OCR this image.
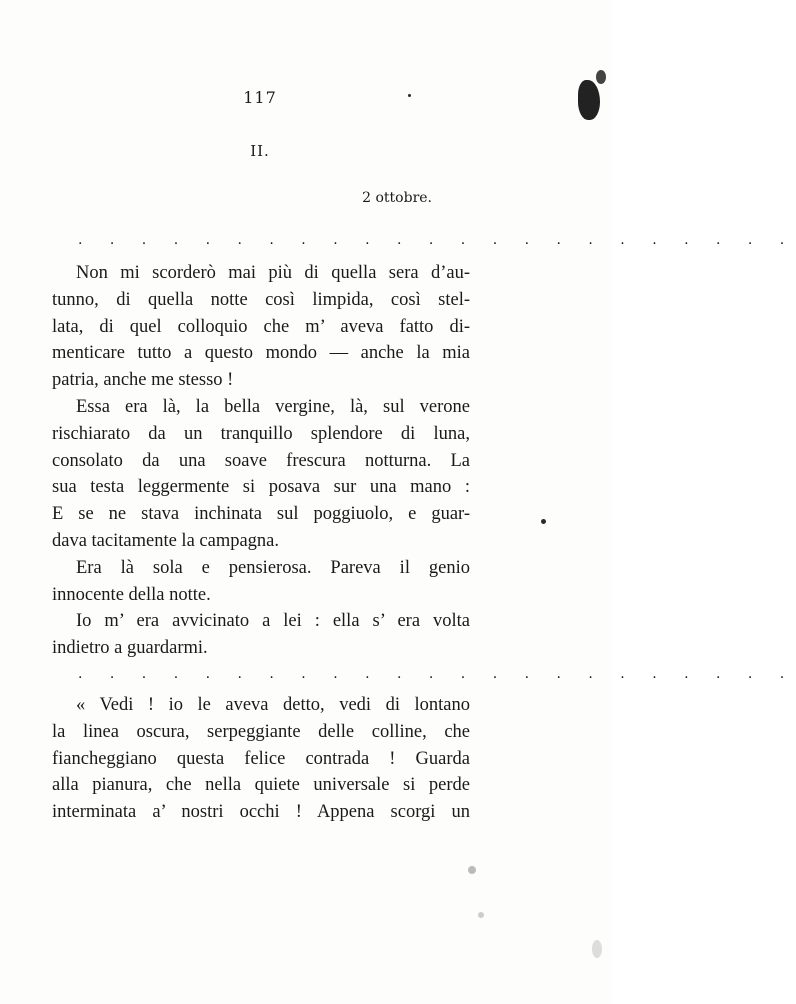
117
II.
2 ottobre.
. . . . . . . . . . . . . . . . . . . . . . .
Non mi scorderò mai più di quella sera d’au-
tunno, di quella notte così limpida, così stel-
lata, di quel colloquio che m’ aveva fatto di-
menticare tutto a questo mondo — anche la mia
patria, anche me stesso !
Essa era là, la bella vergine, là, sul verone
rischiarato da un tranquillo splendore di luna,
consolato da una soave frescura notturna. La
sua testa leggermente si posava sur una mano :
E se ne stava inchinata sul poggiuolo, e guar-
dava tacitamente la campagna.
Era là sola e pensierosa. Pareva il genio
innocente della notte.
Io m’ era avvicinato a lei : ella s’ era volta
indietro a guardarmi.
. . . . . . . . . . . . . . . . . . . . . . .
« Vedi ! io le aveva detto, vedi di lontano
la linea oscura, serpeggiante delle colline, che
fiancheggiano questa felice contrada ! Guarda
alla pianura, che nella quiete universale si perde
interminata a’ nostri occhi ! Appena scorgi un
